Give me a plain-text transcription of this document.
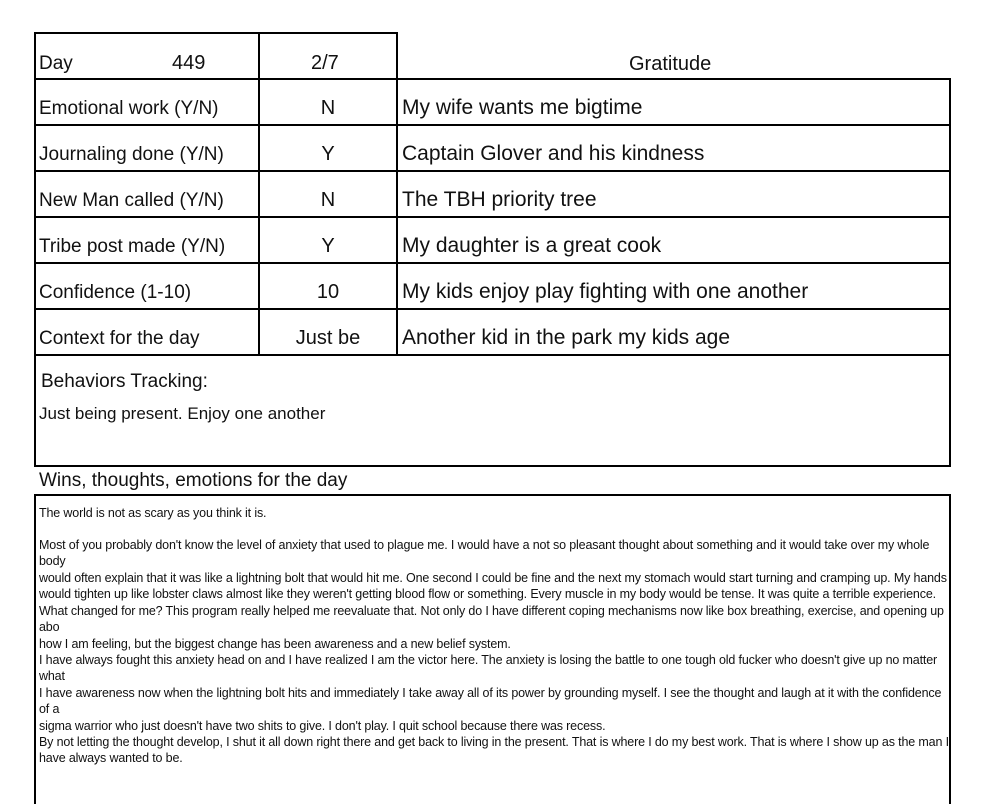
Day	449	2/7	Gratitude
Emotional work (Y/N)	N	My wife wants me bigtime
Journaling done (Y/N)	Y	Captain Glover and his kindness
New Man called (Y/N)	N	The TBH priority tree
Tribe post made (Y/N)	Y	My daughter is a great cook
Confidence (1-10)	10	My kids enjoy play fighting with one another
Context for the day	Just be	Another kid in the park my kids age
Behaviors Tracking:
Just being present. Enjoy one another
Wins, thoughts, emotions for the day
The world is not as scary as you think it is.
Most of you probably don't know the level of anxiety that used to plague me. I would have a not so pleasant thought about something and it would take over my whole body
would often explain that it was like a lightning bolt that would hit me. One second I could be fine and the next my stomach would start turning and cramping up. My hands
would tighten up like lobster claws almost like they weren't getting blood flow or something. Every muscle in my body would be tense. It was quite a terrible experience.
What changed for me? This program really helped me reevaluate that. Not only do I have different coping mechanisms now like box breathing, exercise, and opening up abo
how I am feeling, but the biggest change has been awareness and a new belief system.
I have always fought this anxiety head on and I have realized I am the victor here. The anxiety is losing the battle to one tough old fucker who doesn't give up no matter what
I have awareness now when the lightning bolt hits and immediately I take away all of its power by grounding myself. I see the thought and laugh at it with the confidence of a
sigma warrior who just doesn't have two shits to give. I don't play. I quit school because there was recess.
By not letting the thought develop, I shut it all down right there and get back to living in the present. That is where I do my best work. That is where I show up as the man I
have always wanted to be.
